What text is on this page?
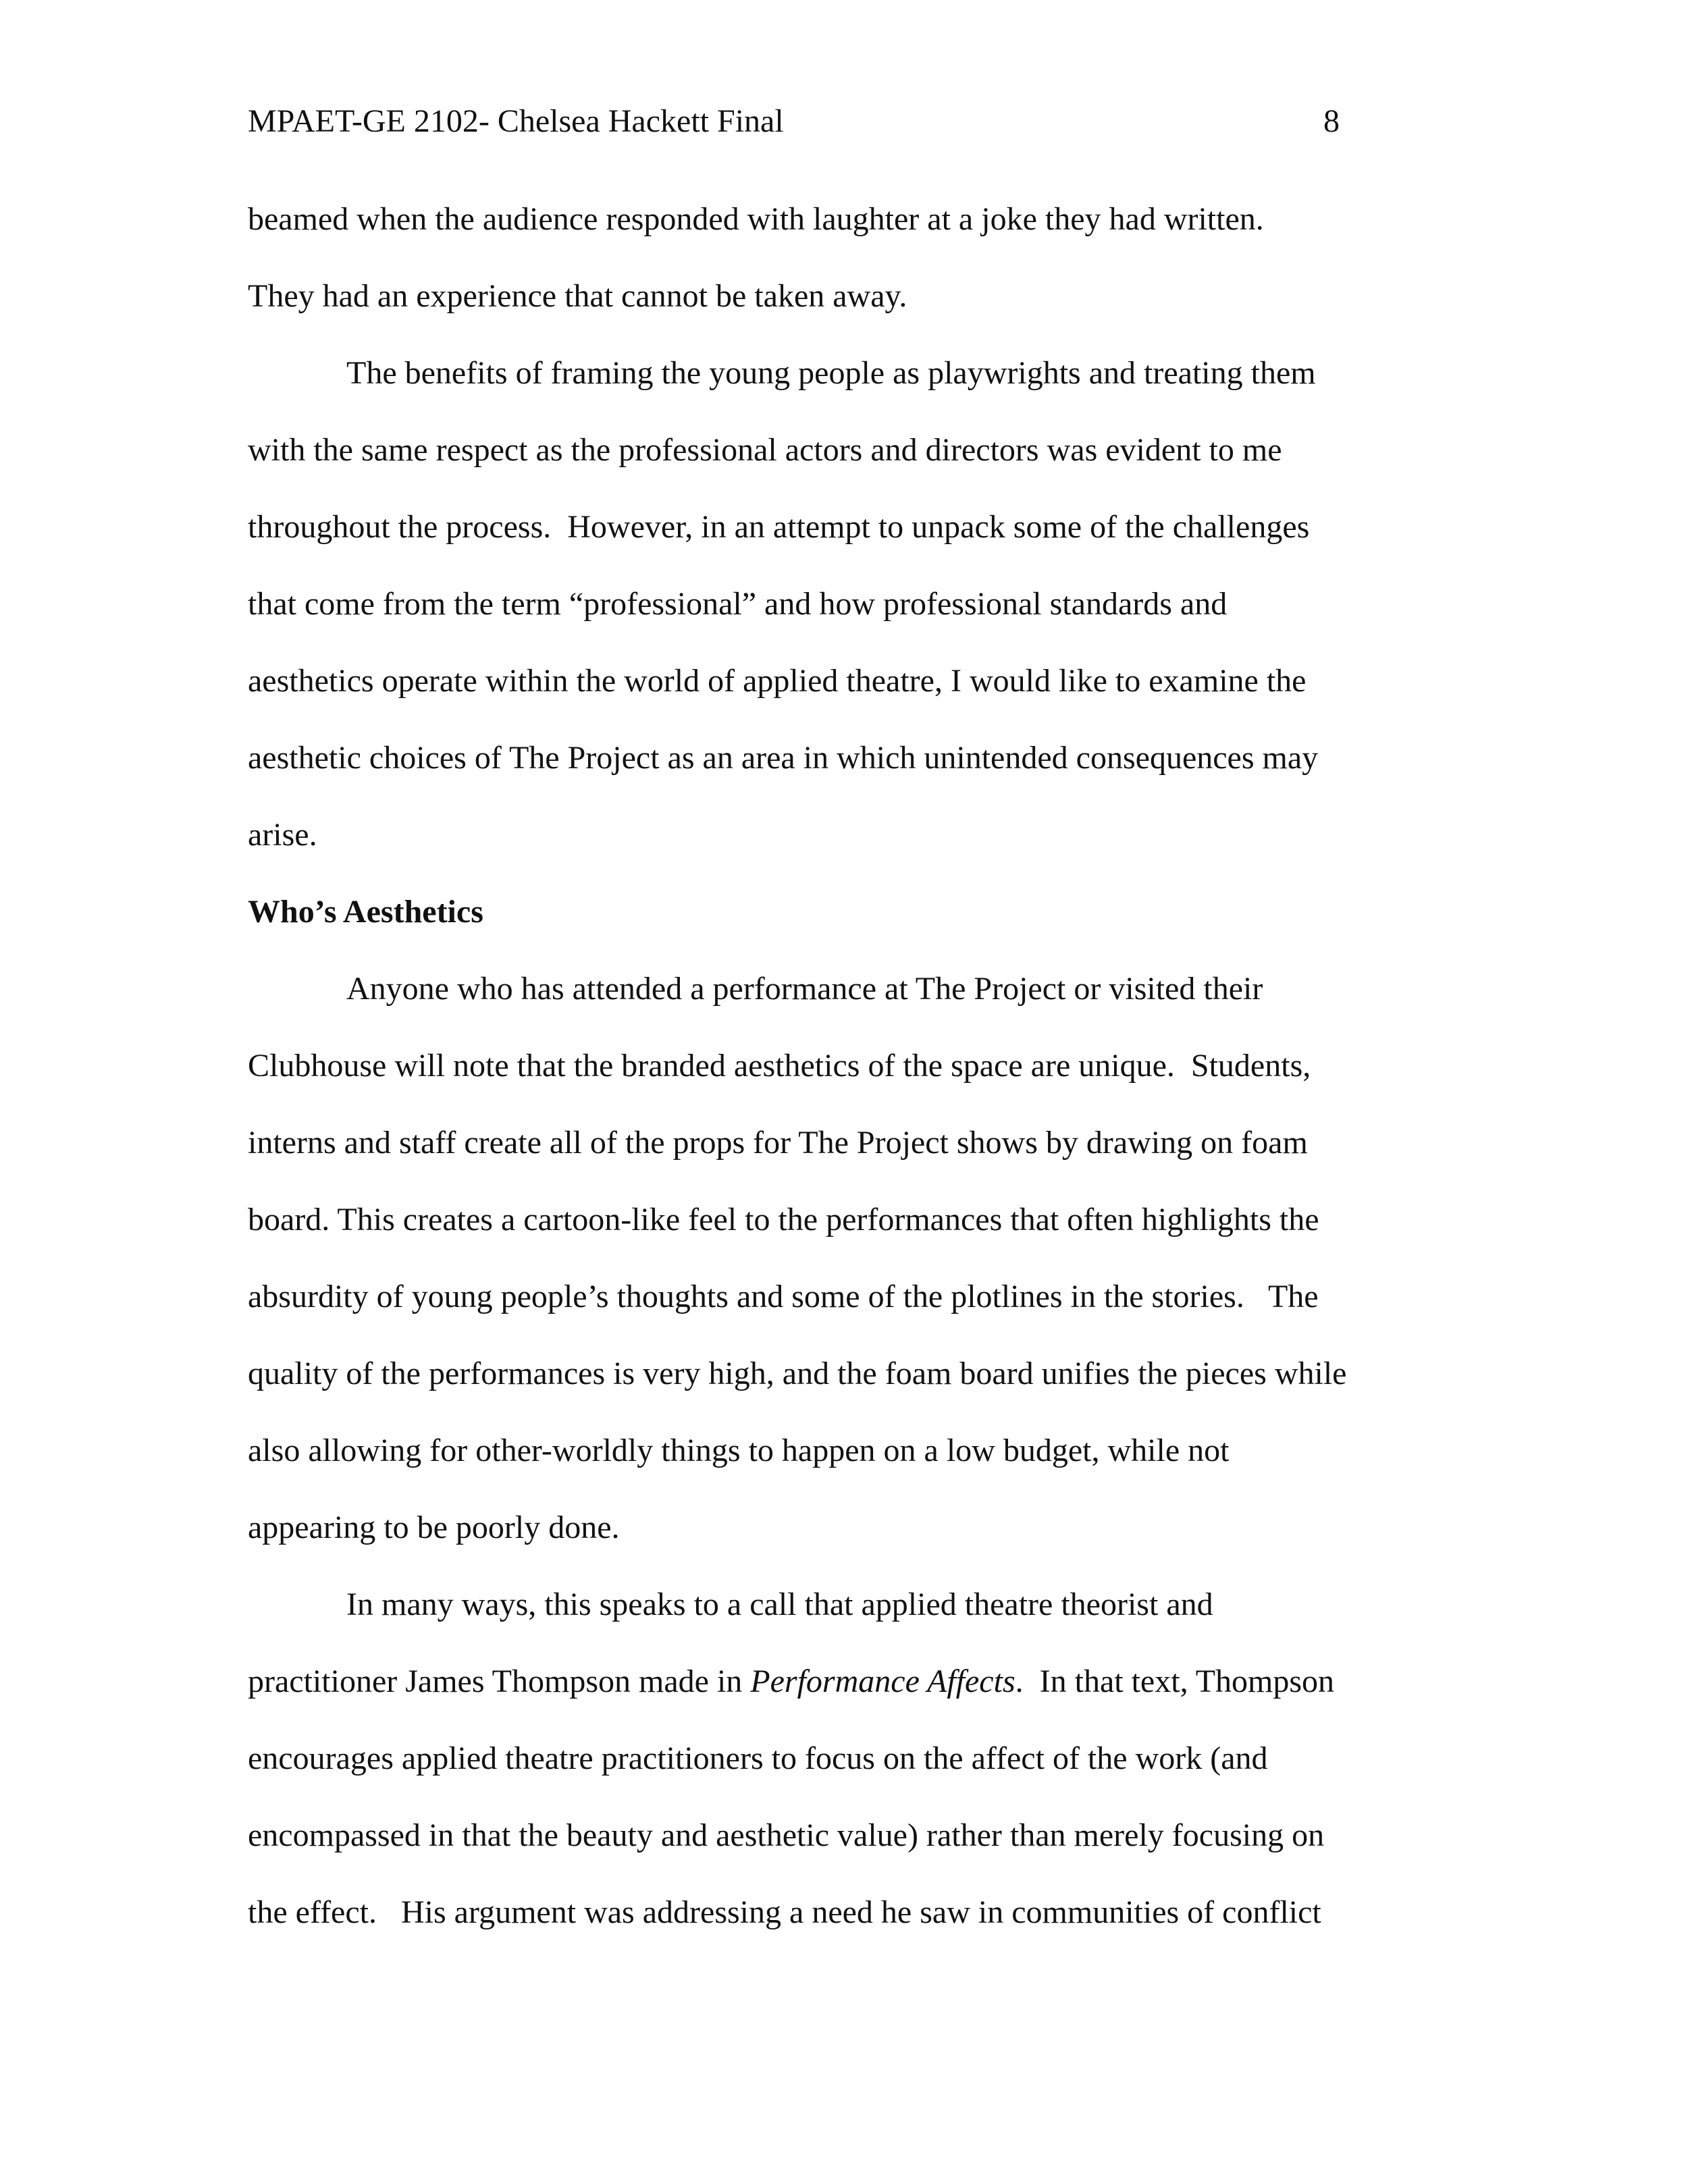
MPAET-GE 2102- Chelsea Hackett Final	8
beamed when the audience responded with laughter at a joke they had written.
They had an experience that cannot be taken away.
The benefits of framing the young people as playwrights and treating them
with the same respect as the professional actors and directors was evident to me
throughout the process.  However, in an attempt to unpack some of the challenges
that come from the term “professional” and how professional standards and
aesthetics operate within the world of applied theatre, I would like to examine the
aesthetic choices of The Project as an area in which unintended consequences may
arise.
Who’s Aesthetics
Anyone who has attended a performance at The Project or visited their
Clubhouse will note that the branded aesthetics of the space are unique.  Students,
interns and staff create all of the props for The Project shows by drawing on foam
board. This creates a cartoon-like feel to the performances that often highlights the
absurdity of young people’s thoughts and some of the plotlines in the stories.   The
quality of the performances is very high, and the foam board unifies the pieces while
also allowing for other-worldly things to happen on a low budget, while not
appearing to be poorly done.
In many ways, this speaks to a call that applied theatre theorist and
practitioner James Thompson made in Performance Affects.  In that text, Thompson
encourages applied theatre practitioners to focus on the affect of the work (and
encompassed in that the beauty and aesthetic value) rather than merely focusing on
the effect.   His argument was addressing a need he saw in communities of conflict
